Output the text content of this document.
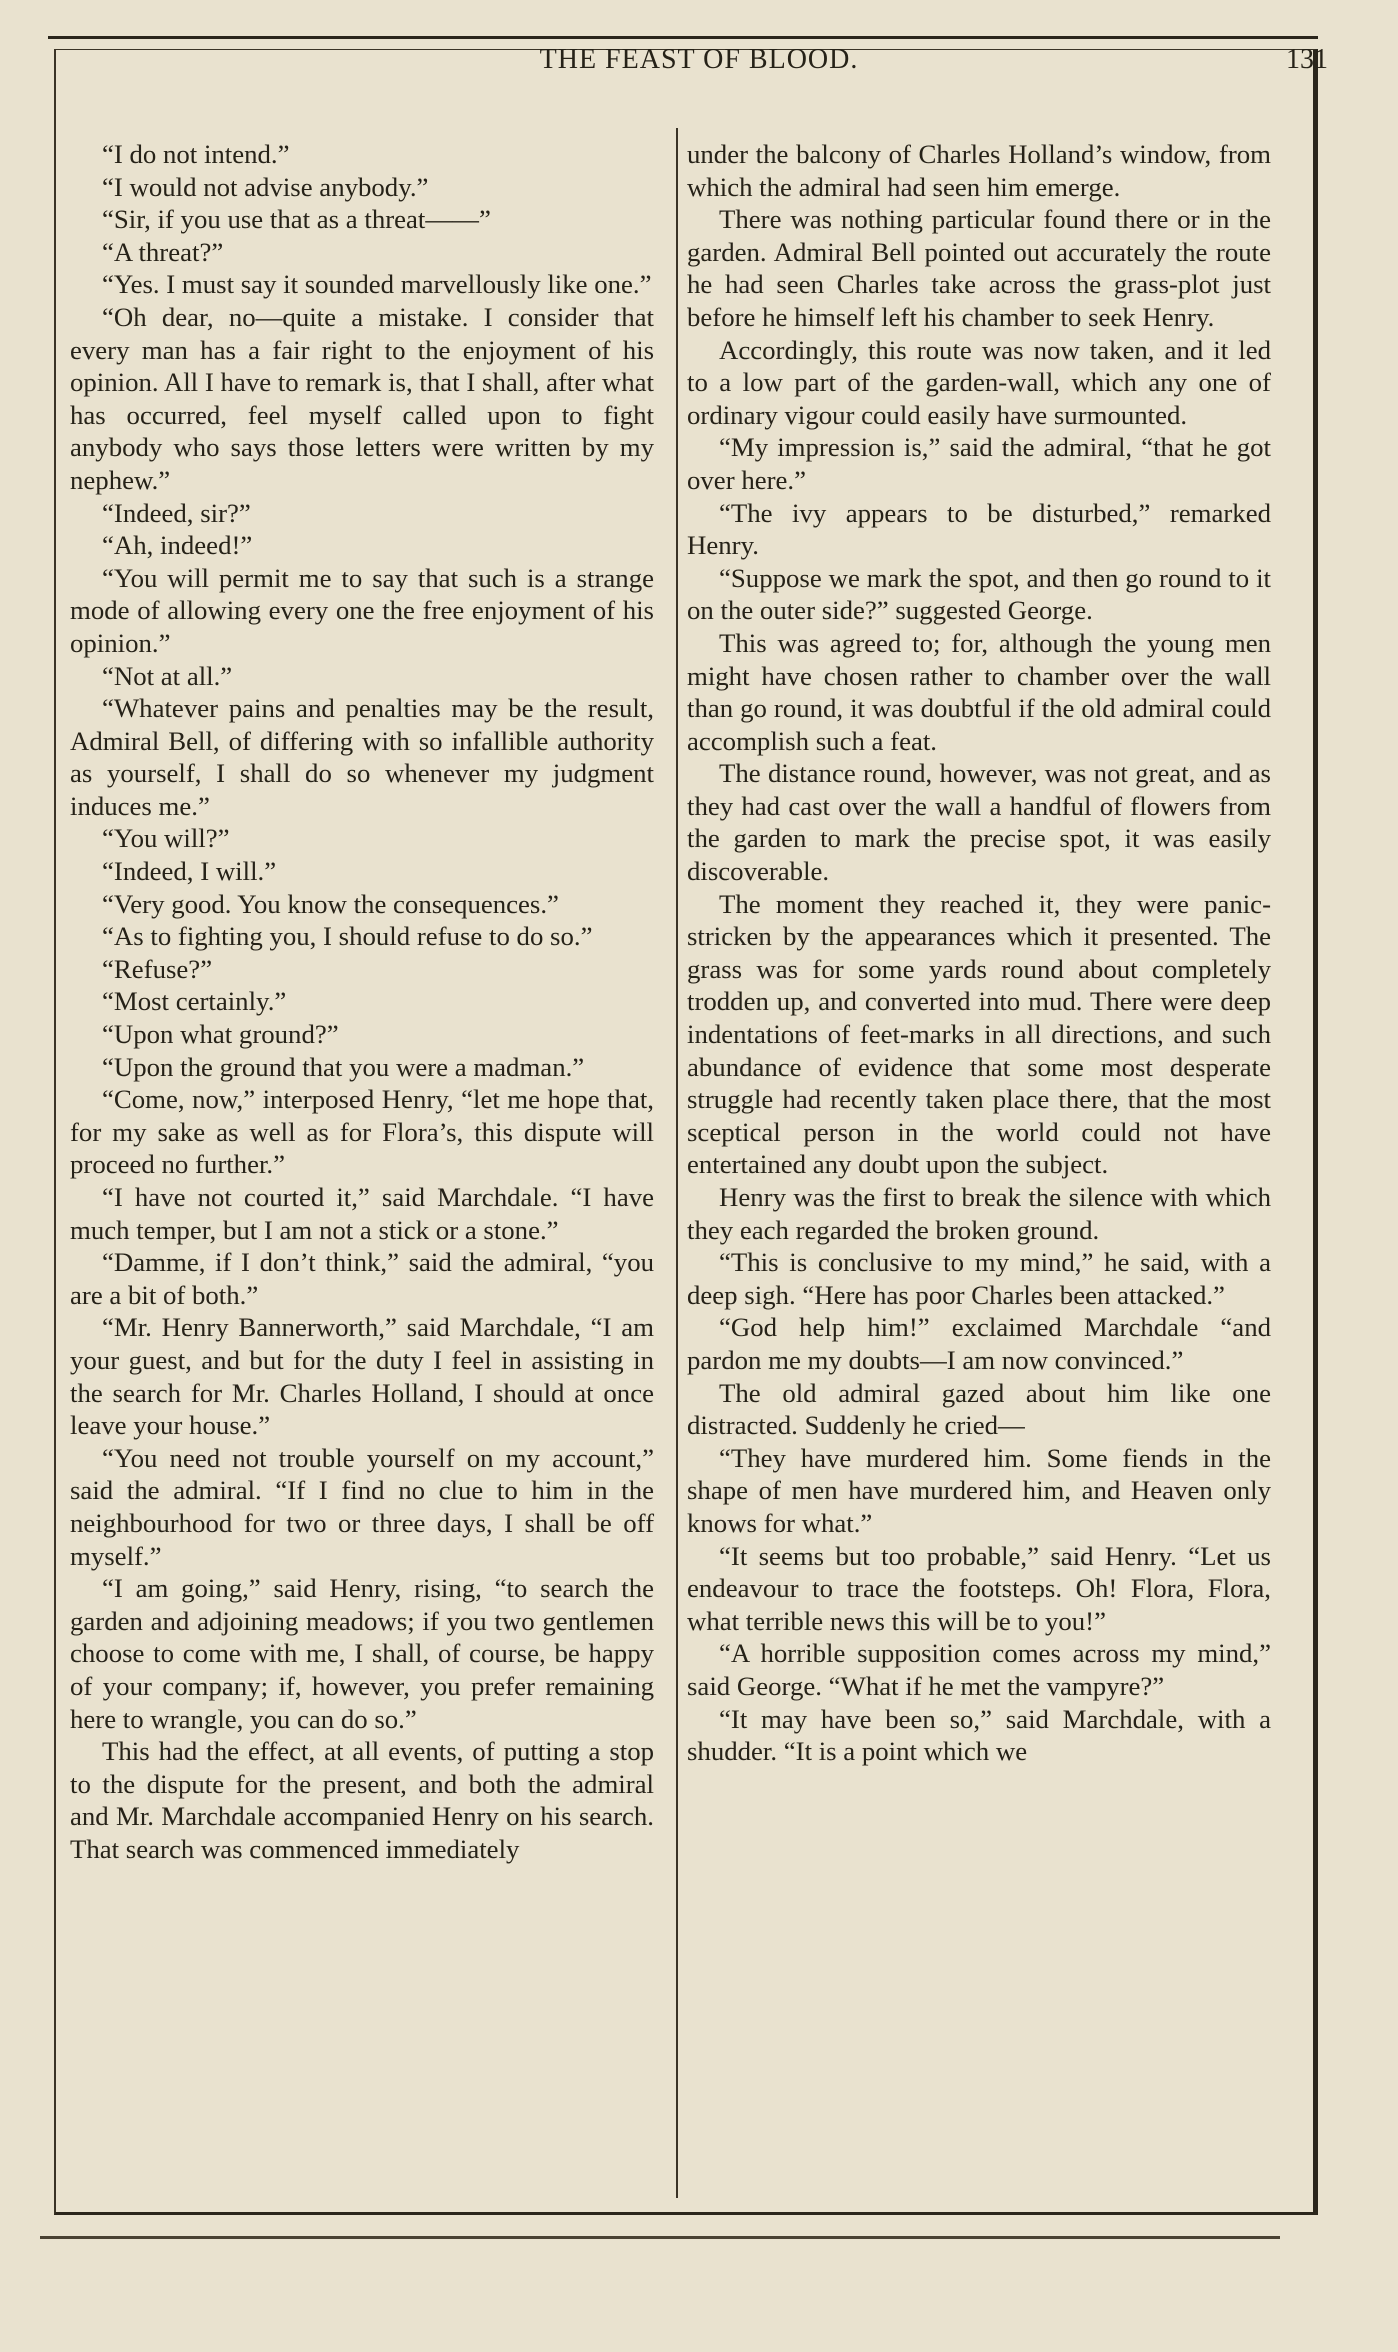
THE FEAST OF BLOOD.	131

“I do not intend.”

“I would not advise anybody.”

“Sir, if you use that as a threat——”

“A threat?”

“Yes. I must say it sounded marvellously like one.”

“Oh dear, no—quite a mistake. I consider that every man has a fair right to the enjoyment of his opinion. All I have to remark is, that I shall, after what has occurred, feel myself called upon to fight anybody who says those letters were written by my nephew.”

“Indeed, sir?”

“Ah, indeed!”

“You will permit me to say that such is a strange mode of allowing every one the free enjoyment of his opinion.”

“Not at all.”

“Whatever pains and penalties may be the result, Admiral Bell, of differing with so infallible authority as yourself, I shall do so whenever my judgment induces me.”

“You will?”

“Indeed, I will.”

“Very good. You know the consequences.”

“As to fighting you, I should refuse to do so.”

“Refuse?”

“Most certainly.”

“Upon what ground?”

“Upon the ground that you were a madman.”

“Come, now,” interposed Henry, “let me hope that, for my sake as well as for Flora’s, this dispute will proceed no further.”

“I have not courted it,” said Marchdale. “I have much temper, but I am not a stick or a stone.”

“Damme, if I don’t think,” said the admiral, “you are a bit of both.”

“Mr. Henry Bannerworth,” said Marchdale, “I am your guest, and but for the duty I feel in assisting in the search for Mr. Charles Holland, I should at once leave your house.”

“You need not trouble yourself on my account,” said the admiral. “If I find no clue to him in the neighbourhood for two or three days, I shall be off myself.”

“I am going,” said Henry, rising, “to search the garden and adjoining meadows; if you two gentlemen choose to come with me, I shall, of course, be happy of your company; if, however, you prefer remaining here to wrangle, you can do so.”

This had the effect, at all events, of putting a stop to the dispute for the present, and both the admiral and Mr. Marchdale accompanied Henry on his search. That search was commenced immediately

under the balcony of Charles Holland’s window, from which the admiral had seen him emerge.

There was nothing particular found there or in the garden. Admiral Bell pointed out accurately the route he had seen Charles take across the grass-plot just before he himself left his chamber to seek Henry.

Accordingly, this route was now taken, and it led to a low part of the garden-wall, which any one of ordinary vigour could easily have surmounted.

“My impression is,” said the admiral, “that he got over here.”

“The ivy appears to be disturbed,” remarked Henry.

“Suppose we mark the spot, and then go round to it on the outer side?” suggested George.

This was agreed to; for, although the young men might have chosen rather to chamber over the wall than go round, it was doubtful if the old admiral could accomplish such a feat.

The distance round, however, was not great, and as they had cast over the wall a handful of flowers from the garden to mark the precise spot, it was easily discoverable.

The moment they reached it, they were panic-stricken by the appearances which it presented. The grass was for some yards round about completely trodden up, and converted into mud. There were deep indentations of feet-marks in all directions, and such abundance of evidence that some most desperate struggle had recently taken place there, that the most sceptical person in the world could not have entertained any doubt upon the subject.

Henry was the first to break the silence with which they each regarded the broken ground.

“This is conclusive to my mind,” he said, with a deep sigh. “Here has poor Charles been attacked.”

“God help him!” exclaimed Marchdale “and pardon me my doubts—I am now convinced.”

The old admiral gazed about him like one distracted. Suddenly he cried—

“They have murdered him. Some fiends in the shape of men have murdered him, and Heaven only knows for what.”

“It seems but too probable,” said Henry. “Let us endeavour to trace the footsteps. Oh! Flora, Flora, what terrible news this will be to you!”

“A horrible supposition comes across my mind,” said George. “What if he met the vampyre?”

“It may have been so,” said Marchdale, with a shudder. “It is a point which we
